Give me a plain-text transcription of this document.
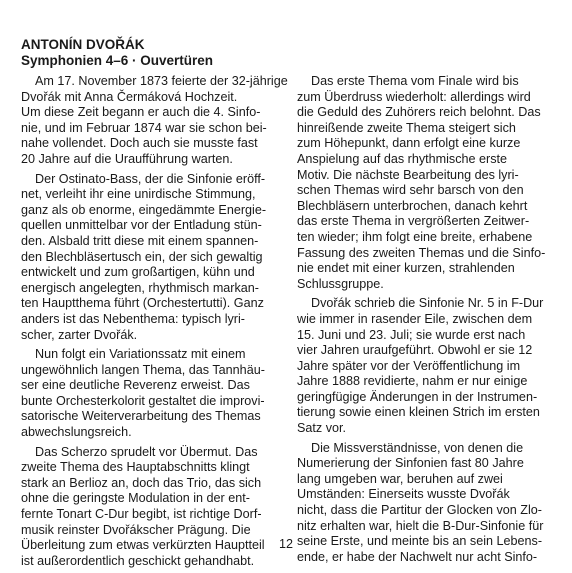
ANTONÍN DVOŘÁK
Symphonien 4–6 · Ouvertüren

Am 17. November 1873 feierte der 32-jährige
Dvořák mit Anna Čermáková Hochzeit.
Um diese Zeit begann er auch die 4. Sinfo-
nie, und im Februar 1874 war sie schon bei-
nahe vollendet. Doch auch sie musste fast
20 Jahre auf die Uraufführung warten.

Der Ostinato-Bass, der die Sinfonie eröff-
net, verleiht ihr eine unirdische Stimmung,
ganz als ob enorme, eingedämmte Energie-
quellen unmittelbar vor der Entladung stün-
den. Alsbald tritt diese mit einem spannen-
den Blechbläsertusch ein, der sich gewaltig
entwickelt und zum großartigen, kühn und
energisch angelegten, rhythmisch markan-
ten Hauptthema führt (Orchestertutti). Ganz
anders ist das Nebenthema: typisch lyri-
scher, zarter Dvořák.

Nun folgt ein Variationssatz mit einem
ungewöhnlich langen Thema, das Tannhäu-
ser eine deutliche Reverenz erweist. Das
bunte Orchesterkolorit gestaltet die improvi-
satorische Weiterverarbeitung des Themas
abwechslungsreich.

Das Scherzo sprudelt vor Übermut. Das
zweite Thema des Hauptabschnitts klingt
stark an Berlioz an, doch das Trio, das sich
ohne die geringste Modulation in der ent-
fernte Tonart C-Dur begibt, ist richtige Dorf-
musik reinster Dvořákscher Prägung. Die
Überleitung zum etwas verkürzten Hauptteil
ist außerordentlich geschickt gehandhabt.

Das erste Thema vom Finale wird bis
zum Überdruss wiederholt: allerdings wird
die Geduld des Zuhörers reich belohnt. Das
hinreißende zweite Thema steigert sich
zum Höhepunkt, dann erfolgt eine kurze
Anspielung auf das rhythmische erste
Motiv. Die nächste Bearbeitung des lyri-
schen Themas wird sehr barsch von den
Blechbläsern unterbrochen, danach kehrt
das erste Thema in vergrößerten Zeitwer-
ten wieder; ihm folgt eine breite, erhabene
Fassung des zweiten Themas und die Sinfo-
nie endet mit einer kurzen, strahlenden
Schlussgruppe.

Dvořák schrieb die Sinfonie Nr. 5 in F-Dur
wie immer in rasender Eile, zwischen dem
15. Juni und 23. Juli; sie wurde erst nach
vier Jahren uraufgeführt. Obwohl er sie 12
Jahre später vor der Veröffentlichung im
Jahre 1888 revidierte, nahm er nur einige
geringfügige Änderungen in der Instrumen-
tierung sowie einen kleinen Strich im ersten
Satz vor.

Die Missverständnisse, von denen die
Numerierung der Sinfonien fast 80 Jahre
lang umgeben war, beruhen auf zwei
Umständen: Einerseits wusste Dvořák
nicht, dass die Partitur der Glocken von Zlo-
nitz erhalten war, hielt die B-Dur-Sinfonie für
seine Erste, und meinte bis an sein Lebens-
ende, er habe der Nachwelt nur acht Sinfo-

12
